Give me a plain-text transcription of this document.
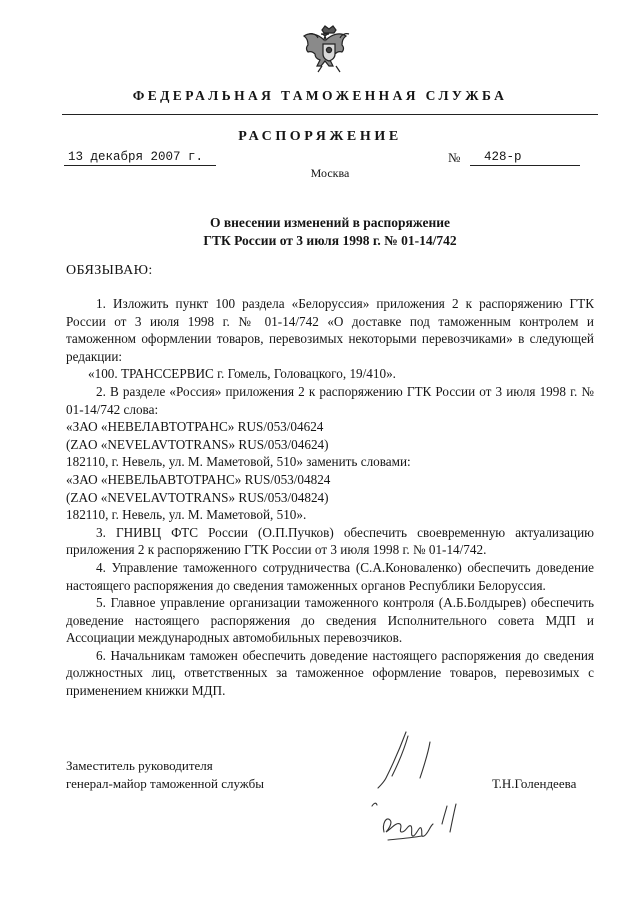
ФЕДЕРАЛЬНАЯ ТАМОЖЕННАЯ СЛУЖБА
РАСПОРЯЖЕНИЕ
13 декабря 2007 г.	№ 428-р
Москва
О внесении изменений в распоряжение
ГТК России от 3 июля 1998 г. № 01-14/742
ОБЯЗЫВАЮ:

1. Изложить пункт 100 раздела «Белоруссия» приложения 2 к распоряжению ГТК России от 3 июля 1998 г. № 01-14/742 «О доставке под таможенным контролем и таможенном оформлении товаров, перевозимых некоторыми перевозчиками» в следующей редакции:

«100. ТРАНССЕРВИС г. Гомель, Головацкого, 19/410».

2. В разделе «Россия» приложения 2 к распоряжению ГТК России от 3 июля 1998 г. № 01-14/742 слова:

«ЗАО «НЕВЕЛАВТОТРАНС» RUS/053/04624

(ZAO «NEVELAVTOTRANS» RUS/053/04624)

182110, г. Невель, ул. М. Маметовой, 510» заменить словами:

«ЗАО «НЕВЕЛЬАВТОТРАНС» RUS/053/04824

(ZAO «NEVELAVTOTRANS» RUS/053/04824)

182110, г. Невель, ул. М. Маметовой, 510».

3. ГНИВЦ ФТС России (О.П.Пучков) обеспечить своевременную актуализацию приложения 2 к распоряжению ГТК России от 3 июля 1998 г. № 01-14/742.

4. Управление таможенного сотрудничества (С.А.Коноваленко) обеспечить доведение настоящего распоряжения до сведения таможенных органов Республики Белоруссия.

5. Главное управление организации таможенного контроля (А.Б.Болдырев) обеспечить доведение настоящего распоряжения до сведения Исполнительного совета МДП и Ассоциации международных автомобильных перевозчиков.

6. Начальникам таможен обеспечить доведение настоящего распоряжения до сведения должностных лиц, ответственных за таможенное оформление товаров, перевозимых с применением книжки МДП.

Заместитель руководителя
генерал-майор таможенной службы	Т.Н.Голендеева
